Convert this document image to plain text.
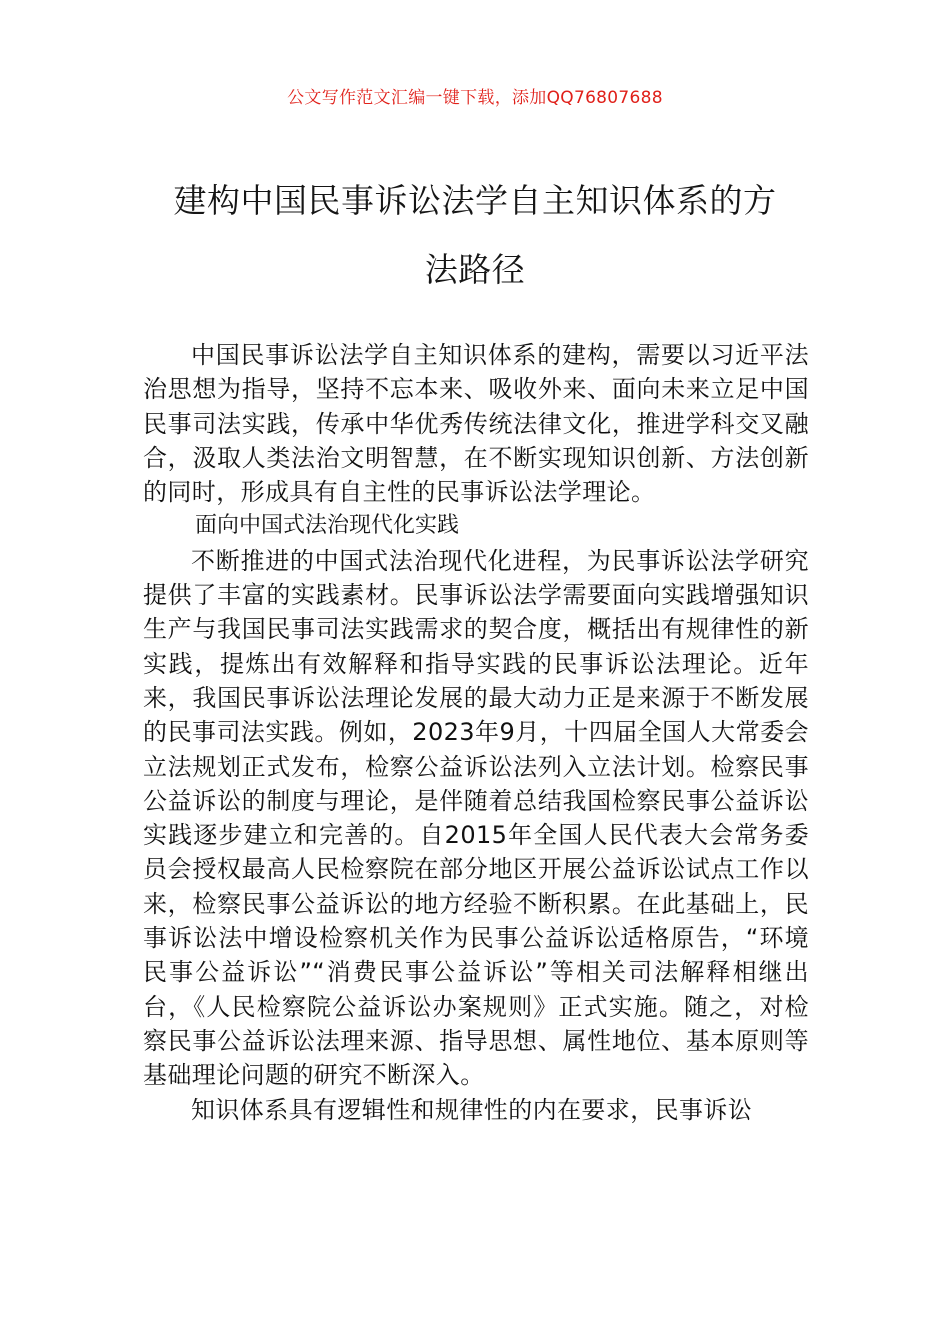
公文写作范文汇编一键下载，添加QQ76807688
建构中国民事诉讼法学自主知识体系的方
法路径

中国民事诉讼法学自主知识体系的建构，需要以习近平法治思想为指导，坚持不忘本来、吸收外来、面向未来立足中国民事司法实践，传承中华优秀传统法律文化，推进学科交叉融合，汲取人类法治文明智慧，在不断实现知识创新、方法创新的同时，形成具有自主性的民事诉讼法学理论。

面向中国式法治现代化实践

不断推进的中国式法治现代化进程，为民事诉讼法学研究提供了丰富的实践素材。民事诉讼法学需要面向实践增强知识生产与我国民事司法实践需求的契合度，概括出有规律性的新实践，提炼出有效解释和指导实践的民事诉讼法理论。近年来，我国民事诉讼法理论发展的最大动力正是来源于不断发展的民事司法实践。例如，2023年9月，十四届全国人大常委会立法规划正式发布，检察公益诉讼法列入立法计划。检察民事公益诉讼的制度与理论，是伴随着总结我国检察民事公益诉讼实践逐步建立和完善的。自2015年全国人民代表大会常务委员会授权最高人民检察院在部分地区开展公益诉讼试点工作以来，检察民事公益诉讼的地方经验不断积累。在此基础上，民事诉讼法中增设检察机关作为民事公益诉讼适格原告，“环境民事公益诉讼”“消费民事公益诉讼”等相关司法解释相继出台，《人民检察院公益诉讼办案规则》正式实施。随之，对检察民事公益诉讼法理来源、指导思想、属性地位、基本原则等基础理论问题的研究不断深入。

知识体系具有逻辑性和规律性的内在要求，民事诉讼
